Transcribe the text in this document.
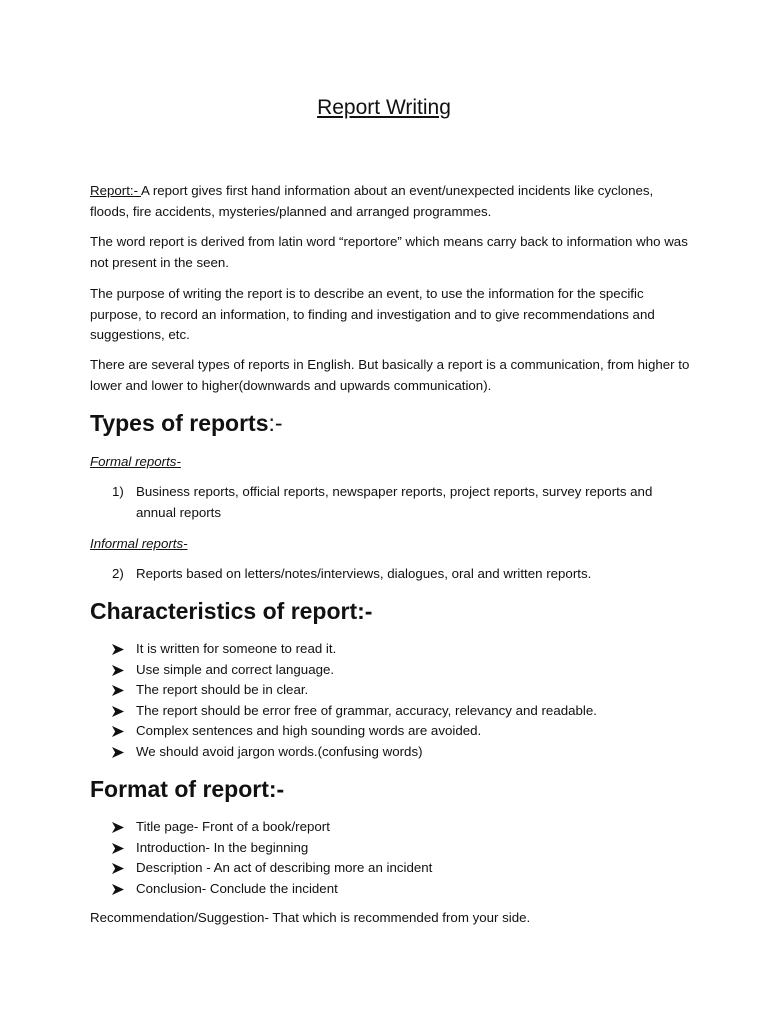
Report Writing
Report:- A report gives first hand information about an event/unexpected incidents like cyclones, floods, fire accidents, mysteries/planned and arranged programmes.
The word report is derived from latin word “reportore” which means carry back to information who was not present in the seen.
The purpose of writing the report is to describe an event, to use the information for the specific purpose, to record an information, to finding and investigation and to give recommendations and suggestions, etc.
There are several types of reports in English. But basically a report is a communication, from higher to lower and lower to higher(downwards and upwards communication).
Types of reports:-
Formal reports-
1) Business reports, official reports, newspaper reports, project reports, survey reports and annual reports
Informal reports-
2) Reports based on letters/notes/interviews, dialogues, oral and written reports.
Characteristics of report:-
It is written for someone to read it.
Use simple and correct language.
The report should be in clear.
The report should be error free of grammar, accuracy, relevancy and readable.
Complex sentences and high sounding words are avoided.
We should avoid jargon words.(confusing words)
Format of report:-
Title page- Front of a book/report
Introduction- In the beginning
Description - An act of describing more an incident
Conclusion- Conclude the incident
Recommendation/Suggestion- That which is recommended from your side.
